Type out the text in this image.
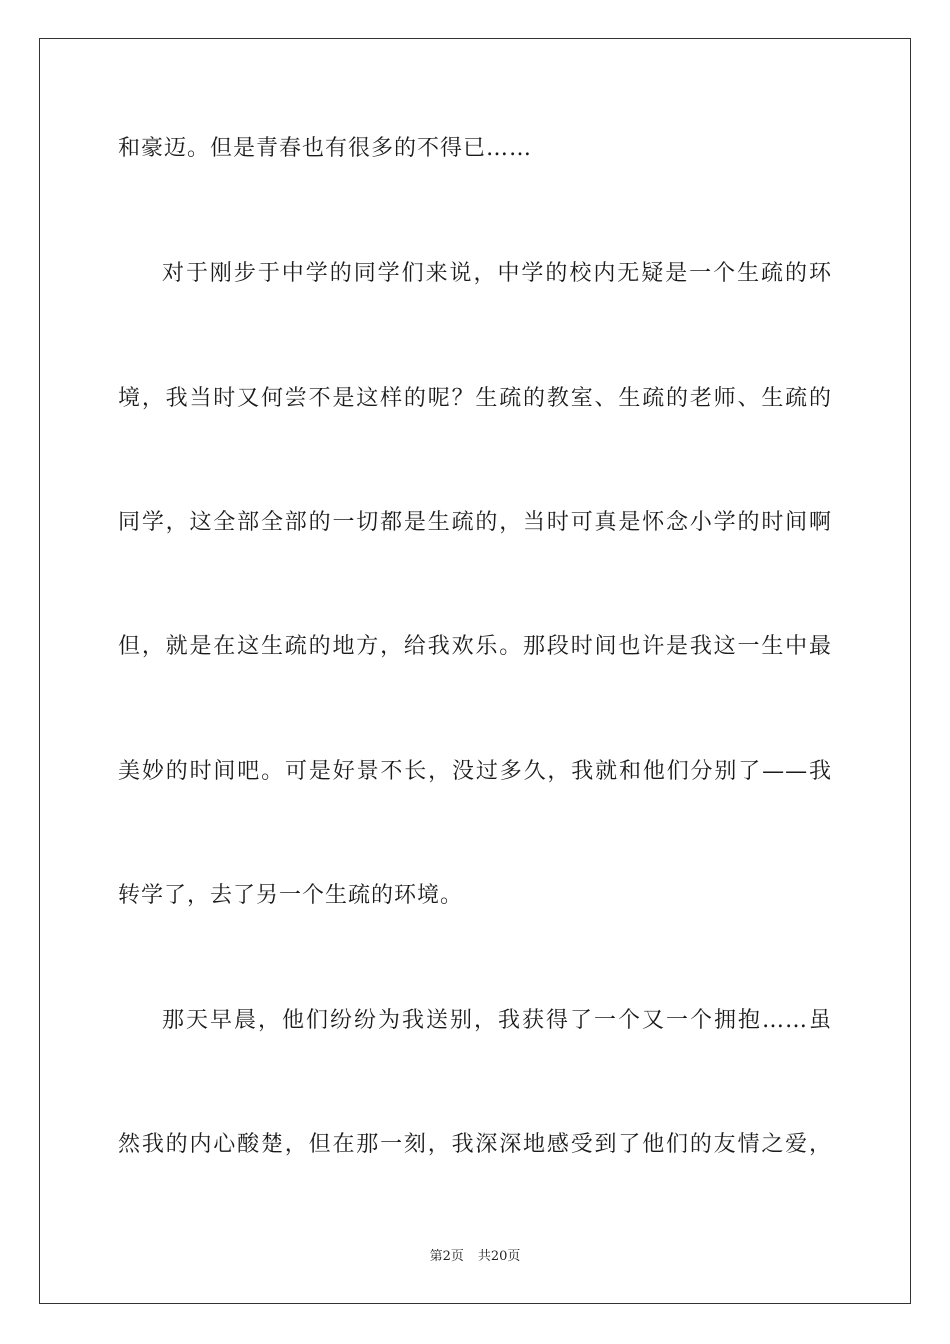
和豪迈。但是青春也有很多的不得已……
对于刚步于中学的同学们来说，中学的校内无疑是一个生疏的环
境，我当时又何尝不是这样的呢？生疏的教室、生疏的老师、生疏的
同学，这全部全部的一切都是生疏的，当时可真是怀念小学的时间啊
但，就是在这生疏的地方，给我欢乐。那段时间也许是我这一生中最
美妙的时间吧。可是好景不长，没过多久，我就和他们分别了——我
转学了，去了另一个生疏的环境。
那天早晨，他们纷纷为我送别，我获得了一个又一个拥抱……虽
然我的内心酸楚，但在那一刻，我深深地感受到了他们的友情之爱，
第2页 共20页
